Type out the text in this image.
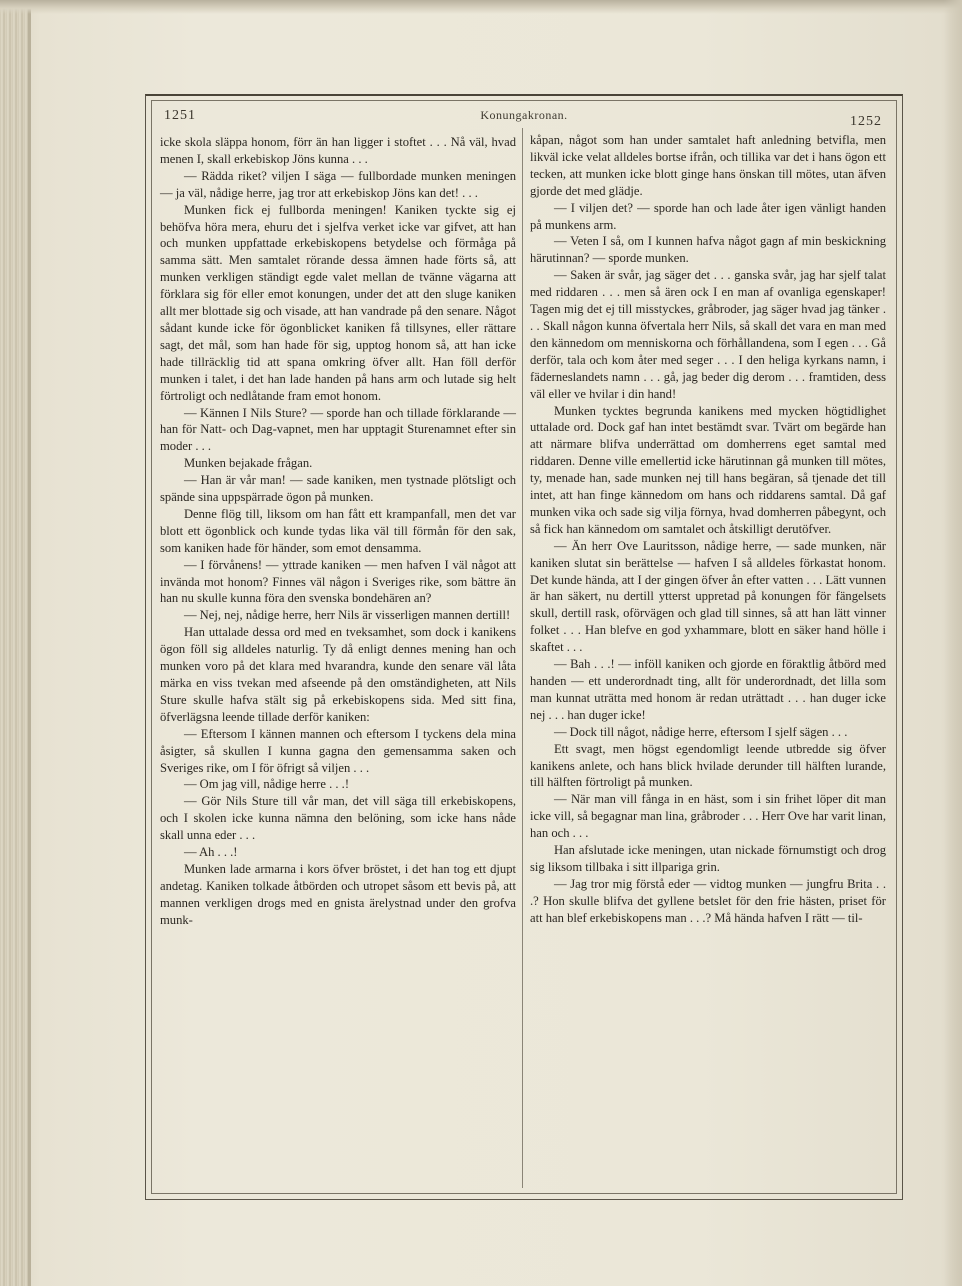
1251	Konungakronan.	1252

icke skola släppa honom, förr än han ligger i stoftet . . . Nå väl, hvad menen I, skall erkebiskop Jöns kunna . . .

— Rädda riket? viljen I säga — fullbordade munken meningen — ja väl, nådige herre, jag tror att erkebiskop Jöns kan det! . . .

Munken fick ej fullborda meningen! Kaniken tyckte sig ej behöfva höra mera, ehuru det i sjelfva verket icke var gifvet, att han och munken uppfattade erkebiskopens betydelse och förmåga på samma sätt. Men samtalet rörande dessa ämnen hade förts så, att munken verkligen ständigt egde valet mellan de tvänne vägarna att förklara sig för eller emot konungen, under det att den sluge kaniken allt mer blottade sig och visade, att han vandrade på den senare. Något sådant kunde icke för ögonblicket kaniken få tillsynes, eller rättare sagt, det mål, som han hade för sig, upptog honom så, att han icke hade tillräcklig tid att spana omkring öfver allt. Han föll derför munken i talet, i det han lade handen på hans arm och lutade sig helt förtroligt och nedlåtande fram emot honom.

— Kännen I Nils Sture? — sporde han och tillade förklarande — han för Natt- och Dag-vapnet, men har upptagit Sturenamnet efter sin moder . . .

Munken bejakade frågan.

— Han är vår man! — sade kaniken, men tystnade plötsligt och spände sina uppspärrade ögon på munken.

Denne flög till, liksom om han fått ett krampanfall, men det var blott ett ögonblick och kunde tydas lika väl till förmån för den sak, som kaniken hade för händer, som emot densamma.

— I förvånens! — yttrade kaniken — men hafven I väl något att invända mot honom? Finnes väl någon i Sveriges rike, som bättre än han nu skulle kunna föra den svenska bondehären an?

— Nej, nej, nådige herre, herr Nils är visserligen mannen dertill!

Han uttalade dessa ord med en tveksamhet, som dock i kanikens ögon föll sig alldeles naturlig. Ty då enligt dennes mening han och munken voro på det klara med hvarandra, kunde den senare väl låta märka en viss tvekan med afseende på den omständigheten, att Nils Sture skulle hafva stält sig på erkebiskopens sida. Med sitt fina, öfverlägsna leende tillade derför kaniken:

— Eftersom I kännen mannen och eftersom I tyckens dela mina åsigter, så skullen I kunna gagna den gemensamma saken och Sveriges rike, om I för öfrigt så viljen . . .

— Om jag vill, nådige herre . . .!

— Gör Nils Sture till vår man, det vill säga till erkebiskopens, och I skolen icke kunna nämna den belöning, som icke hans nåde skall unna eder . . .

— Ah . . .!

Munken lade armarna i kors öfver bröstet, i det han tog ett djupt andetag. Kaniken tolkade åtbörden och utropet såsom ett bevis på, att mannen verkligen drogs med en gnista ärelystnad under den grofva munk-

kåpan, något som han under samtalet haft anledning betvifla, men likväl icke velat alldeles bortse ifrån, och tillika var det i hans ögon ett tecken, att munken icke blott ginge hans önskan till mötes, utan äfven gjorde det med glädje.

— I viljen det? — sporde han och lade åter igen vänligt handen på munkens arm.

— Veten I så, om I kunnen hafva något gagn af min beskickning härutinnan? — sporde munken.

— Saken är svår, jag säger det . . . ganska svår, jag har sjelf talat med riddaren . . . men så ären ock I en man af ovanliga egenskaper! Tagen mig det ej till misstyckes, gråbroder, jag säger hvad jag tänker . . . Skall någon kunna öfvertala herr Nils, så skall det vara en man med den kännedom om menniskorna och förhållandena, som I egen . . . Gå derför, tala och kom åter med seger . . . I den heliga kyrkans namn, i fäderneslandets namn . . . gå, jag beder dig derom . . . framtiden, dess väl eller ve hvilar i din hand!

Munken tycktes begrunda kanikens med mycken högtidlighet uttalade ord. Dock gaf han intet bestämdt svar. Tvärt om begärde han att närmare blifva underrättad om domherrens eget samtal med riddaren. Denne ville emellertid icke härutinnan gå munken till mötes, ty, menade han, sade munken nej till hans begäran, så tjenade det till intet, att han finge kännedom om hans och riddarens samtal. Då gaf munken vika och sade sig vilja förnya, hvad domherren påbegynt, och så fick han kännedom om samtalet och åtskilligt derutöfver.

— Än herr Ove Lauritsson, nådige herre, — sade munken, när kaniken slutat sin berättelse — hafven I så alldeles förkastat honom. Det kunde hända, att I der gingen öfver ån efter vatten . . . Lätt vunnen är han säkert, nu dertill ytterst uppretad på konungen för fängelsets skull, dertill rask, oförvägen och glad till sinnes, så att han lätt vinner folket . . . Han blefve en god yxhammare, blott en säker hand hölle i skaftet . . .

— Bah . . .! — inföll kaniken och gjorde en föraktlig åtbörd med handen — ett underordnadt ting, allt för underordnadt, det lilla som man kunnat uträtta med honom är redan uträttadt . . . han duger icke nej . . . han duger icke!

— Dock till något, nådige herre, eftersom I sjelf sägen . . .

Ett svagt, men högst egendomligt leende utbredde sig öfver kanikens anlete, och hans blick hvilade derunder till hälften lurande, till hälften förtroligt på munken.

— När man vill fånga in en häst, som i sin frihet löper dit man icke vill, så begagnar man lina, gråbroder . . . Herr Ove har varit linan, han och . . .

Han afslutade icke meningen, utan nickade förnumstigt och drog sig liksom tillbaka i sitt illpariga grin.

— Jag tror mig förstå eder — vidtog munken — jungfru Brita . . .? Hon skulle blifva det gyllene betslet för den frie hästen, priset för att han blef erkebiskopens man . . .? Må hända hafven I rätt — til-
